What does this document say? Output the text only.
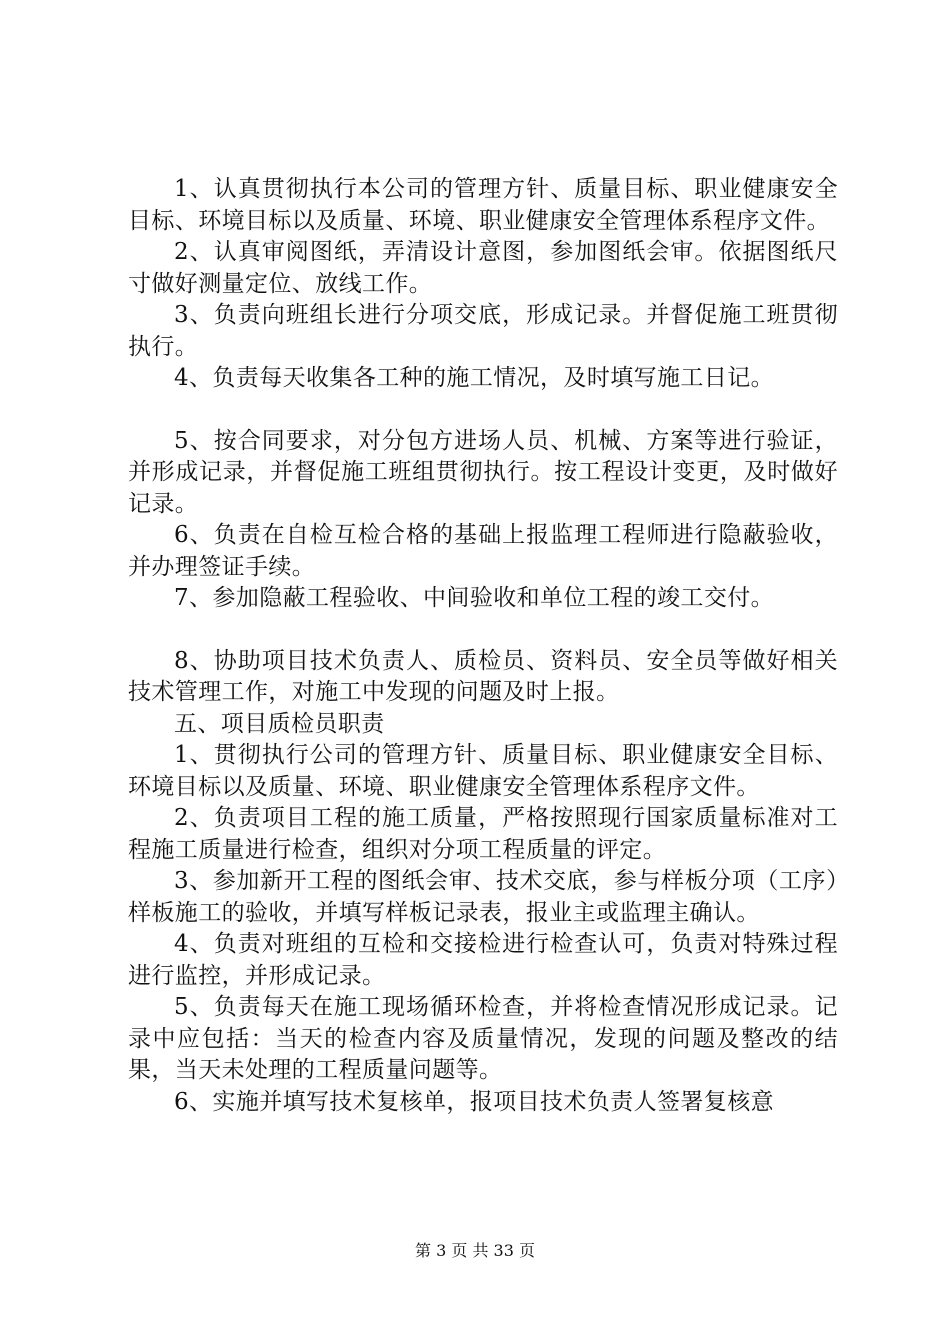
1、认真贯彻执行本公司的管理方针、质量目标、职业健康安全目标、环境目标以及质量、环境、职业健康安全管理体系程序文件。

2、认真审阅图纸，弄清设计意图，参加图纸会审。依据图纸尺寸做好测量定位、放线工作。

3、负责向班组长进行分项交底，形成记录。并督促施工班贯彻执行。

4、负责每天收集各工种的施工情况，及时填写施工日记。

5、按合同要求，对分包方进场人员、机械、方案等进行验证，并形成记录，并督促施工班组贯彻执行。按工程设计变更，及时做好记录。

6、负责在自检互检合格的基础上报监理工程师进行隐蔽验收，并办理签证手续。

7、参加隐蔽工程验收、中间验收和单位工程的竣工交付。

8、协助项目技术负责人、质检员、资料员、安全员等做好相关技术管理工作，对施工中发现的问题及时上报。

五、项目质检员职责

1、贯彻执行公司的管理方针、质量目标、职业健康安全目标、环境目标以及质量、环境、职业健康安全管理体系程序文件。

2、负责项目工程的施工质量，严格按照现行国家质量标准对工程施工质量进行检查，组织对分项工程质量的评定。

3、参加新开工程的图纸会审、技术交底，参与样板分项（工序）样板施工的验收，并填写样板记录表，报业主或监理主确认。

4、负责对班组的互检和交接检进行检查认可，负责对特殊过程进行监控，并形成记录。

5、负责每天在施工现场循环检查，并将检查情况形成记录。记录中应包括：当天的检查内容及质量情况，发现的问题及整改的结果，当天未处理的工程质量问题等。

6、实施并填写技术复核单，报项目技术负责人签署复核意

第 3 页 共 33 页
